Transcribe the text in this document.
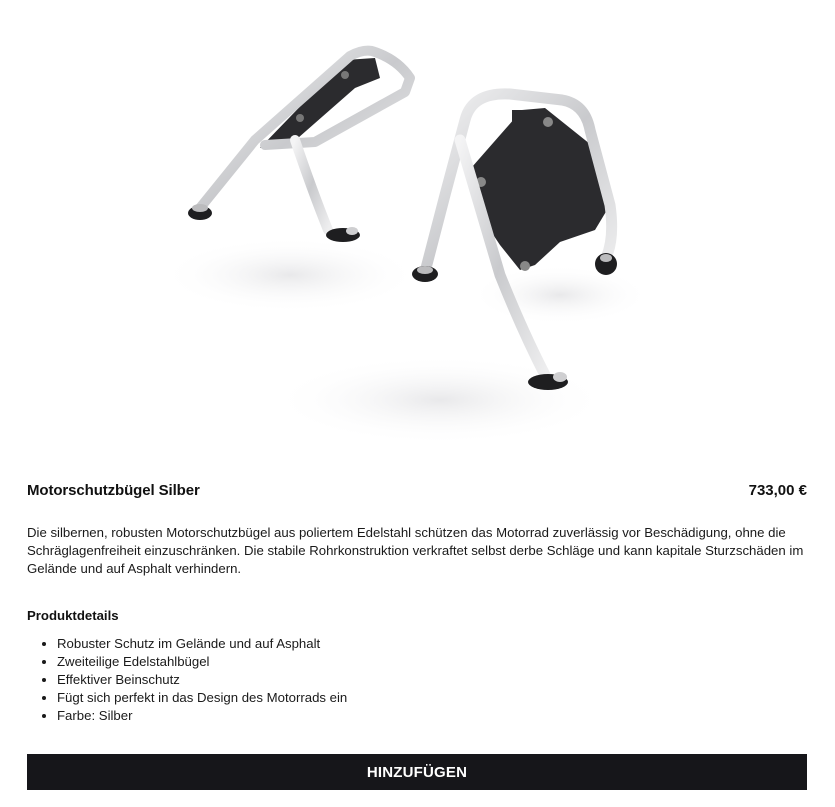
Motorschutzbügel Silber	733,00 €

Die silbernen, robusten Motorschutzbügel aus poliertem Edelstahl schützen das Motorrad zuverlässig vor Beschädigung, ohne die Schräglagenfreiheit einzuschränken. Die stabile Rohrkonstruktion verkraftet selbst derbe Schläge und kann kapitale Sturzschäden im Gelände und auf Asphalt verhindern.

Produktdetails
• Robuster Schutz im Gelände und auf Asphalt
• Zweiteilige Edelstahlbügel
• Effektiver Beinschutz
• Fügt sich perfekt in das Design des Motorrads ein
• Farbe: Silber
HINZUFÜGEN
